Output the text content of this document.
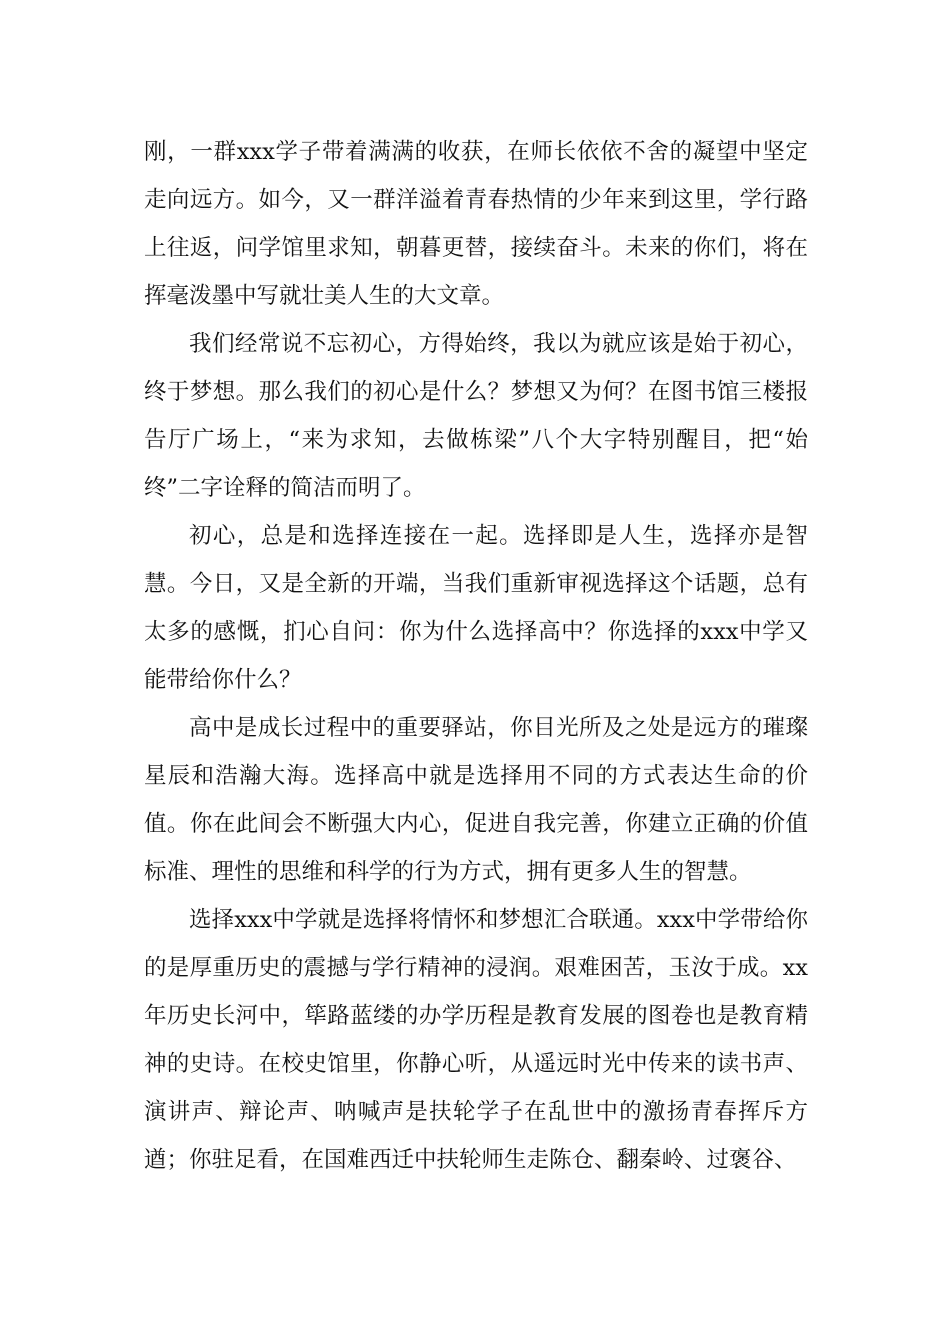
刚，一群xxx学子带着满满的收获，在师长依依不舍的凝望中坚定走向远方。如今，又一群洋溢着青春热情的少年来到这里，学行路上往返，问学馆里求知，朝暮更替，接续奋斗。未来的你们，将在挥毫泼墨中写就壮美人生的大文章。

我们经常说不忘初心，方得始终，我以为就应该是始于初心，终于梦想。那么我们的初心是什么？梦想又为何？在图书馆三楼报告厅广场上，“来为求知，去做栋梁”八个大字特别醒目，把“始终”二字诠释的简洁而明了。

初心，总是和选择连接在一起。选择即是人生，选择亦是智慧。今日，又是全新的开端，当我们重新审视选择这个话题，总有太多的感慨，扪心自问：你为什么选择高中？你选择的xxx中学又能带给你什么？

高中是成长过程中的重要驿站，你目光所及之处是远方的璀璨星辰和浩瀚大海。选择高中就是选择用不同的方式表达生命的价值。你在此间会不断强大内心，促进自我完善，你建立正确的价值标准、理性的思维和科学的行为方式，拥有更多人生的智慧。

选择xxx中学就是选择将情怀和梦想汇合联通。xxx中学带给你的是厚重历史的震撼与学行精神的浸润。艰难困苦，玉汝于成。xx年历史长河中，筚路蓝缕的办学历程是教育发展的图卷也是教育精神的史诗。在校史馆里，你静心听，从遥远时光中传来的读书声、演讲声、辩论声、呐喊声是扶轮学子在乱世中的激扬青春挥斥方遒；你驻足看，在国难西迁中扶轮师生走陈仓、翻秦岭、过褒谷、
